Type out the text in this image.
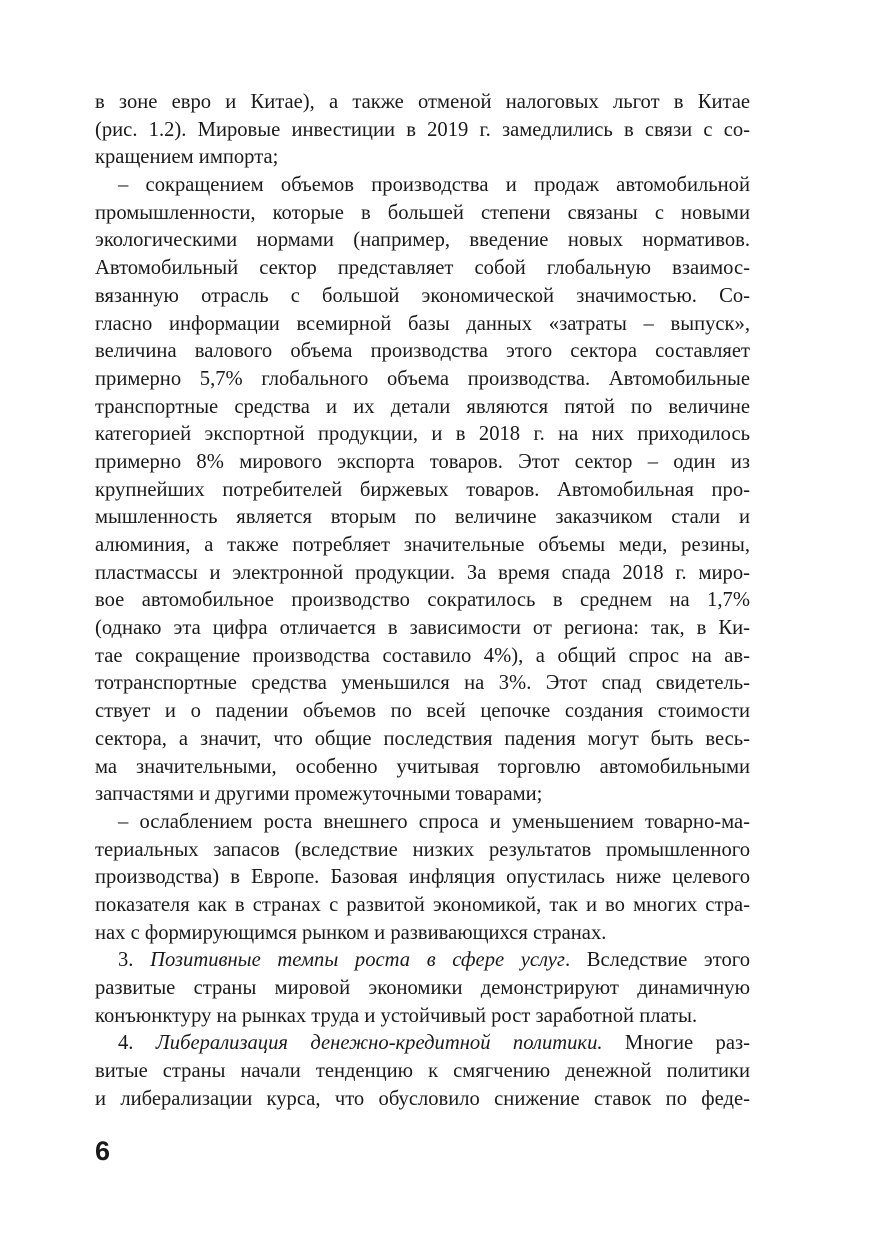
в зоне евро и Китае), а также отменой налоговых льгот в Китае
(рис. 1.2). Мировые инвестиции в 2019 г. замедлились в связи с со-
кращением импорта;
– сокращением объемов производства и продаж автомобильной
промышленности, которые в большей степени связаны с новыми
экологическими нормами (например, введение новых нормативов.
Автомобильный сектор представляет собой глобальную взаимос-
вязанную отрасль с большой экономической значимостью. Со-
гласно информации всемирной базы данных «затраты – выпуск»,
величина валового объема производства этого сектора составляет
примерно 5,7% глобального объема производства. Автомобильные
транспортные средства и их детали являются пятой по величине
категорией экспортной продукции, и в 2018 г. на них приходилось
примерно 8% мирового экспорта товаров. Этот сектор – один из
крупнейших потребителей биржевых товаров. Автомобильная про-
мышленность является вторым по величине заказчиком стали и
алюминия, а также потребляет значительные объемы меди, резины,
пластмассы и электронной продукции. За время спада 2018 г. миро-
вое автомобильное производство сократилось в среднем на 1,7%
(однако эта цифра отличается в зависимости от региона: так, в Ки-
тае сокращение производства составило 4%), а общий спрос на ав-
тотранспортные средства уменьшился на 3%. Этот спад свидетель-
ствует и о падении объемов по всей цепочке создания стоимости
сектора, а значит, что общие последствия падения могут быть весь-
ма значительными, особенно учитывая торговлю автомобильными
запчастями и другими промежуточными товарами;
– ослаблением роста внешнего спроса и уменьшением товарно-ма-
териальных запасов (вследствие низких результатов промышленного
производства) в Европе. Базовая инфляция опустилась ниже целевого
показателя как в странах с развитой экономикой, так и во многих стра-
нах с формирующимся рынком и развивающихся странах.
3. Позитивные темпы роста в сфере услуг. Вследствие этого
развитые страны мировой экономики демонстрируют динамичную
конъюнктуру на рынках труда и устойчивый рост заработной платы.
4. Либерализация денежно-кредитной политики. Многие раз-
витые страны начали тенденцию к смягчению денежной политики
и либерализации курса, что обусловило снижение ставок по феде-
6
